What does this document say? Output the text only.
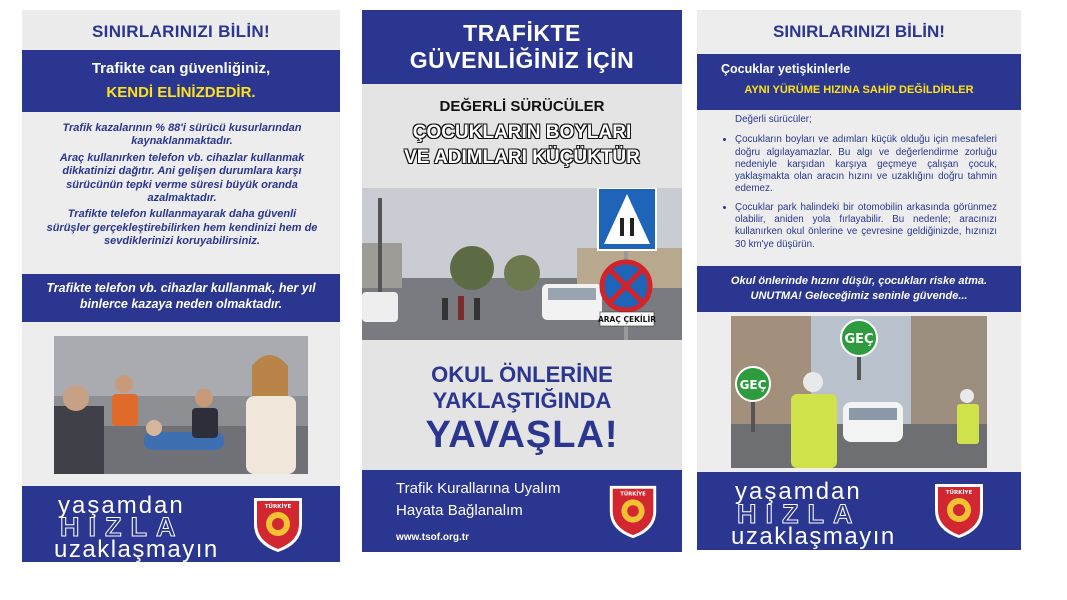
SINIRLARINIZI BİLİN!
Trafikte can güvenliğiniz,
KENDİ ELİNİZDEDİR.

Trafik kazalarının % 88'i sürücü kusurlarından kaynaklanmaktadır.

Araç kullanırken telefon vb. cihazlar kullanmak dikkatinizi dağıtır. Ani gelişen durumlara karşı sürücünün tepki verme süresi büyük oranda azalmaktadır.

Trafikte telefon kullanmayarak daha güvenli sürüşler gerçekleştirebilirken hem kendinizi hem de sevdiklerinizi koruyabilirsiniz.

Trafikte telefon vb. cihazlar kullanmak, her yıl binlerce kazaya neden olmaktadır.
yaşamdan
HIZLA
uzaklaşmayın
TÜRKİYE
TRAFİKTE
GÜVENLİĞİNİZ İÇİN
DEĞERLİ SÜRÜCÜLER
ÇOCUKLARIN BOYLARI
VE ADIMLARI KÜÇÜKTÜR
ARAÇ ÇEKİLİR
OKUL ÖNLERİNE
YAKLAŞTIĞINDA
YAVAŞLA!
Trafik Kurallarına Uyalım
Hayata Bağlanalım
www.tsof.org.tr
TÜRKİYE
SINIRLARINIZI BİLİN!
Çocuklar yetişkinlerle
AYNI YÜRÜME HIZINA SAHİP DEĞİLDİRLER
Değerli sürücüler;
• Çocukların boyları ve adımları küçük olduğu için mesafeleri doğru algılayamazlar. Bu algı ve değerlendirme zorluğu nedeniyle karşıdan karşıya geçmeye çalışan çocuk, yaklaşmakta olan aracın hızını ve uzaklığını doğru tahmin edemez.
• Çocuklar park halindeki bir otomobilin arkasında görünmez olabilir, aniden yola fırlayabilir. Bu nedenle; aracınızı kullanırken okul önlerine ve çevresine geldiğinizde, hızınızı 30 km'ye düşürün.
Okul önlerinde hızını düşür, çocukları riske atma.
UNUTMA! Geleceğimiz seninle güvende...
GEÇ
GEÇ
yaşamdan
HIZLA
uzaklaşmayın
TÜRKİYE
